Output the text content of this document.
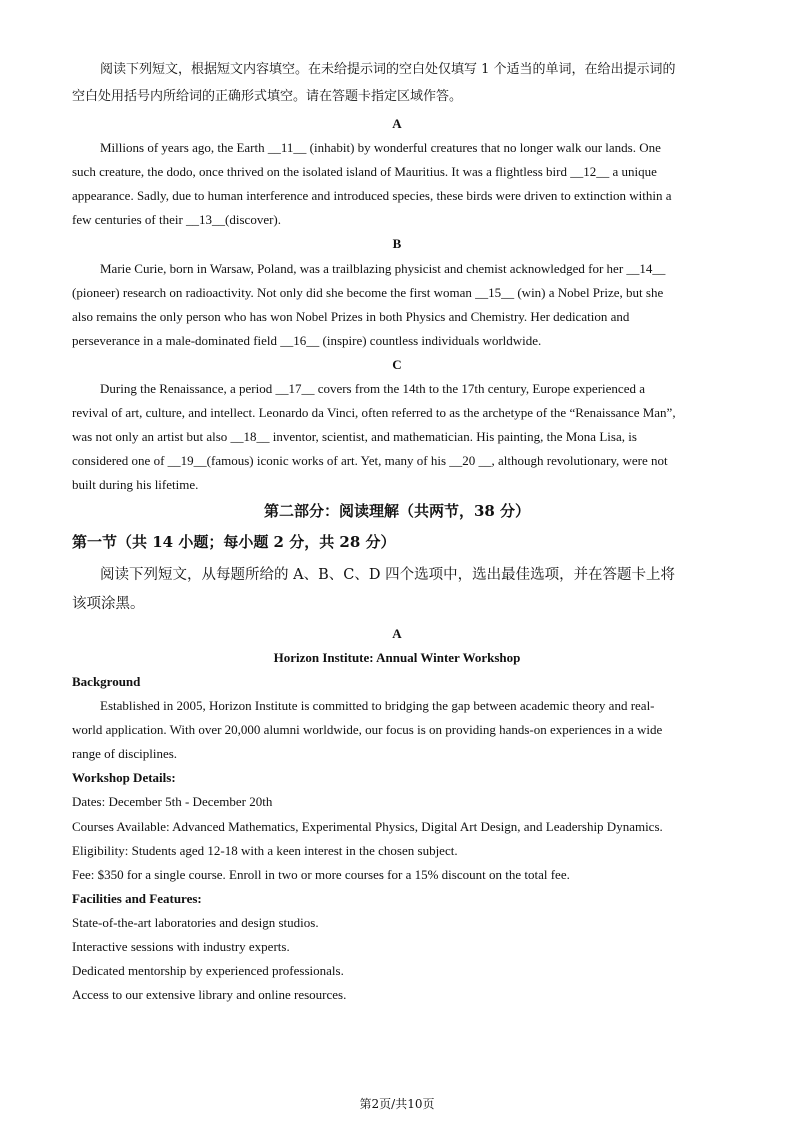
阅读下列短文，根据短文内容填空。在未给提示词的空白处仅填写 1 个适当的单词，在给出提示词的
空白处用括号内所给词的正确形式填空。请在答题卡指定区域作答。
A
Millions of years ago, the Earth __11__ (inhabit) by wonderful creatures that no longer walk our lands. One
such creature, the dodo, once thrived on the isolated island of Mauritius. It was a flightless bird __12__ a unique
appearance. Sadly, due to human interference and introduced species, these birds were driven to extinction within a
few centuries of their __13__(discover).
B
Marie Curie, born in Warsaw, Poland, was a trailblazing physicist and chemist acknowledged for her __14__
(pioneer) research on radioactivity. Not only did she become the first woman __15__ (win) a Nobel Prize, but she
also remains the only person who has won Nobel Prizes in both Physics and Chemistry. Her dedication and
perseverance in a male-dominated field __16__ (inspire) countless individuals worldwide.
C
During the Renaissance, a period __17__ covers from the 14th to the 17th century, Europe experienced a
revival of art, culture, and intellect. Leonardo da Vinci, often referred to as the archetype of the “Renaissance Man”,
was not only an artist but also __18__ inventor, scientist, and mathematician. His painting, the Mona Lisa, is
considered one of __19__(famous) iconic works of art. Yet, many of his __20 __, although revolutionary, were not
built during his lifetime.
第二部分：阅读理解（共两节，38 分）
第一节（共 14 小题；每小题 2 分，共 28 分）
阅读下列短文，从每题所给的 A、B、C、D 四个选项中，选出最佳选项，并在答题卡上将
该项涂黑。
A
Horizon Institute: Annual Winter Workshop
Background
Established in 2005, Horizon Institute is committed to bridging the gap between academic theory and real-
world application. With over 20,000 alumni worldwide, our focus is on providing hands-on experiences in a wide
range of disciplines.
Workshop Details:
Dates: December 5th - December 20th
Courses Available: Advanced Mathematics, Experimental Physics, Digital Art Design, and Leadership Dynamics.
Eligibility: Students aged 12-18 with a keen interest in the chosen subject.
Fee: $350 for a single course. Enroll in two or more courses for a 15% discount on the total fee.
Facilities and Features:
State-of-the-art laboratories and design studios.
Interactive sessions with industry experts.
Dedicated mentorship by experienced professionals.
Access to our extensive library and online resources.
第2页/共10页
